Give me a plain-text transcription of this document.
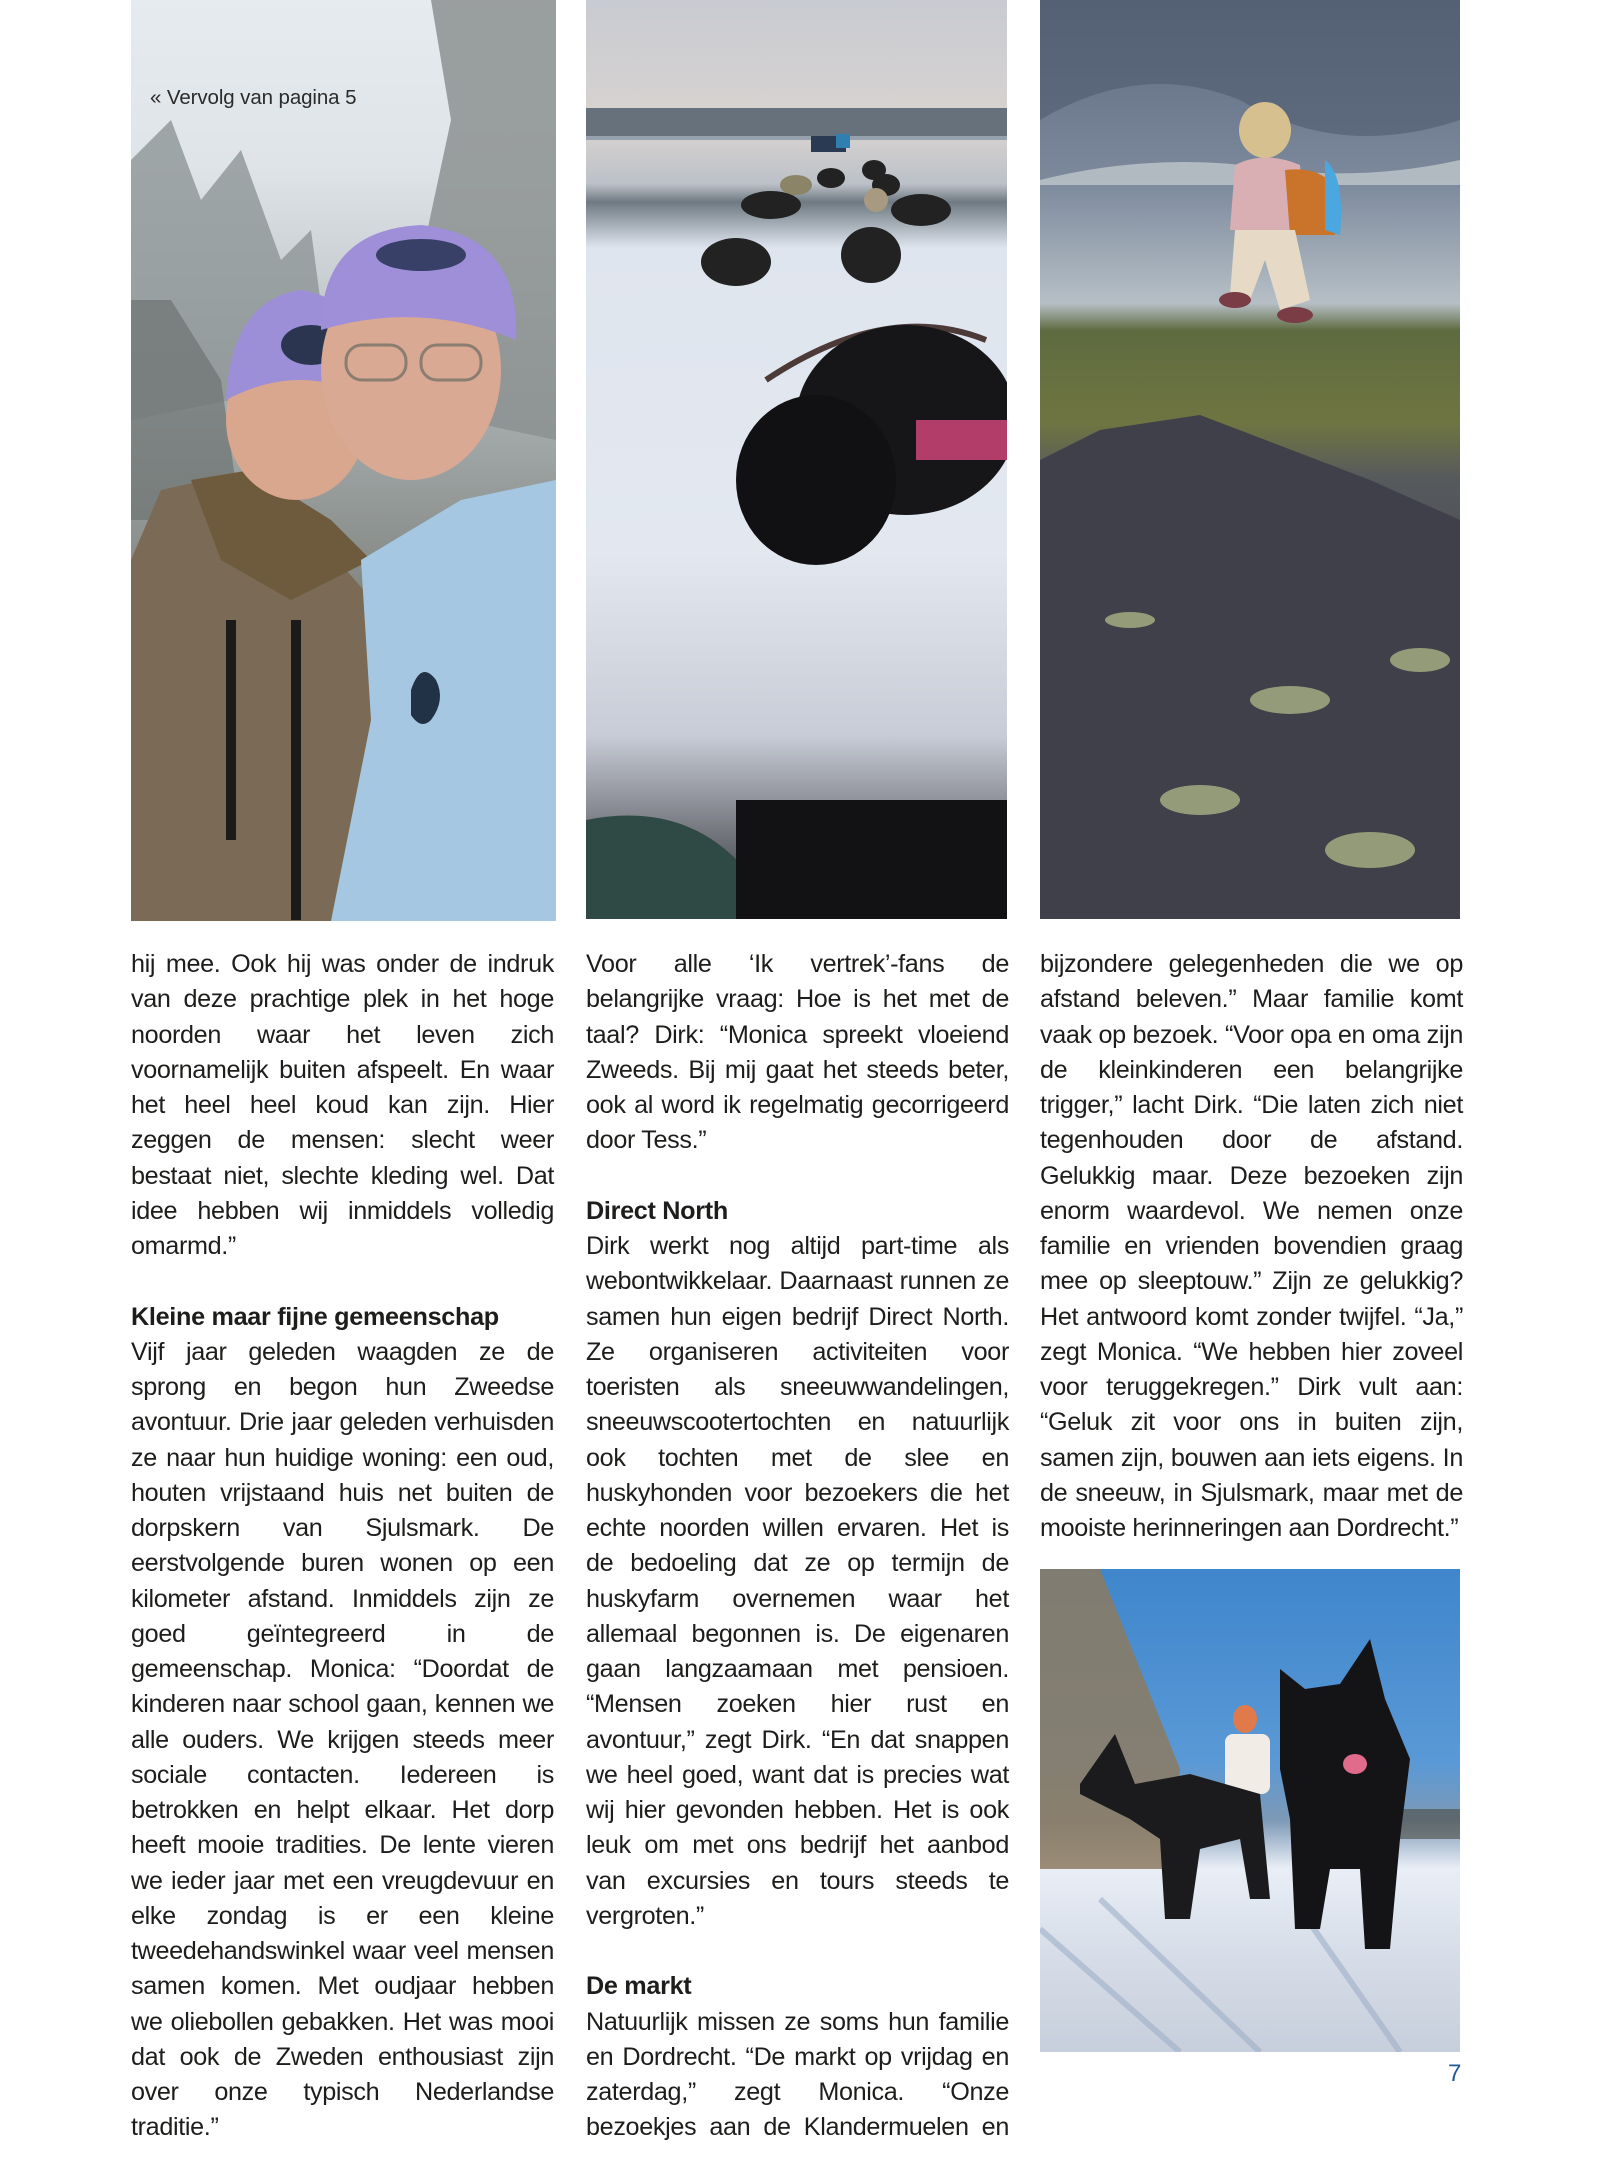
« Vervolg van pagina 5

hij mee. Ook hij was onder de indruk van deze prachtige plek in het hoge noorden waar het leven zich voornamelijk buiten afspeelt. En waar het heel heel koud kan zijn. Hier zeggen de mensen: slecht weer bestaat niet, slechte kleding wel. Dat idee hebben wij inmiddels volledig omarmd.”

Kleine maar fijne gemeenschap

Vijf jaar geleden waagden ze de sprong en begon hun Zweedse avontuur. Drie jaar geleden verhuisden ze naar hun huidige woning: een oud, houten vrijstaand huis net buiten de dorpskern van Sjulsmark. De eerstvolgende buren wonen op een kilometer afstand. Inmiddels zijn ze goed geïntegreerd in de gemeenschap. Monica: “Doordat de kinderen naar school gaan, kennen we alle ouders. We krijgen steeds meer sociale contacten. Iedereen is betrokken en helpt elkaar. Het dorp heeft mooie tradities. De lente vieren we ieder jaar met een vreugdevuur en elke zondag is er een kleine tweedehandswinkel waar veel mensen samen komen. Met oudjaar hebben we oliebollen gebakken. Het was mooi dat ook de Zweden enthousiast zijn over onze typisch Nederlandse traditie.”

Voor alle ‘Ik vertrek’-fans de belangrijke vraag: Hoe is het met de taal? Dirk: “Monica spreekt vloeiend Zweeds. Bij mij gaat het steeds beter, ook al word ik regelmatig gecorrigeerd door Tess.”

Direct North

Dirk werkt nog altijd part-time als webontwikkelaar. Daarnaast runnen ze samen hun eigen bedrijf Direct North. Ze organiseren activiteiten voor toeristen als sneeuwwandelingen, sneeuwscootertochten en natuurlijk ook tochten met de slee en huskyhonden voor bezoekers die het echte noorden willen ervaren. Het is de bedoeling dat ze op termijn de huskyfarm overnemen waar het allemaal begonnen is. De eigenaren gaan langzaamaan met pensioen. “Mensen zoeken hier rust en avontuur,” zegt Dirk. “En dat snappen we heel goed, want dat is precies wat wij hier gevonden hebben. Het is ook leuk om met ons bedrijf het aanbod van excursies en tours steeds te vergroten.”

De markt

Natuurlijk missen ze soms hun familie en Dordrecht. “De markt op vrijdag en zaterdag,” zegt Monica. “Onze bezoekjes aan de Klandermuelen en

bijzondere gelegenheden die we op afstand beleven.” Maar familie komt vaak op bezoek. “Voor opa en oma zijn de kleinkinderen een belangrijke trigger,” lacht Dirk. “Die laten zich niet tegenhouden door de afstand. Gelukkig maar. Deze bezoeken zijn enorm waardevol. We nemen onze familie en vrienden bovendien graag mee op sleeptouw.” Zijn ze gelukkig? Het antwoord komt zonder twijfel. “Ja,” zegt Monica. “We hebben hier zoveel voor teruggekregen.” Dirk vult aan: “Geluk zit voor ons in buiten zijn, samen zijn, bouwen aan iets eigens. In de sneeuw, in Sjulsmark, maar met de mooiste herinneringen aan Dordrecht.”

7
